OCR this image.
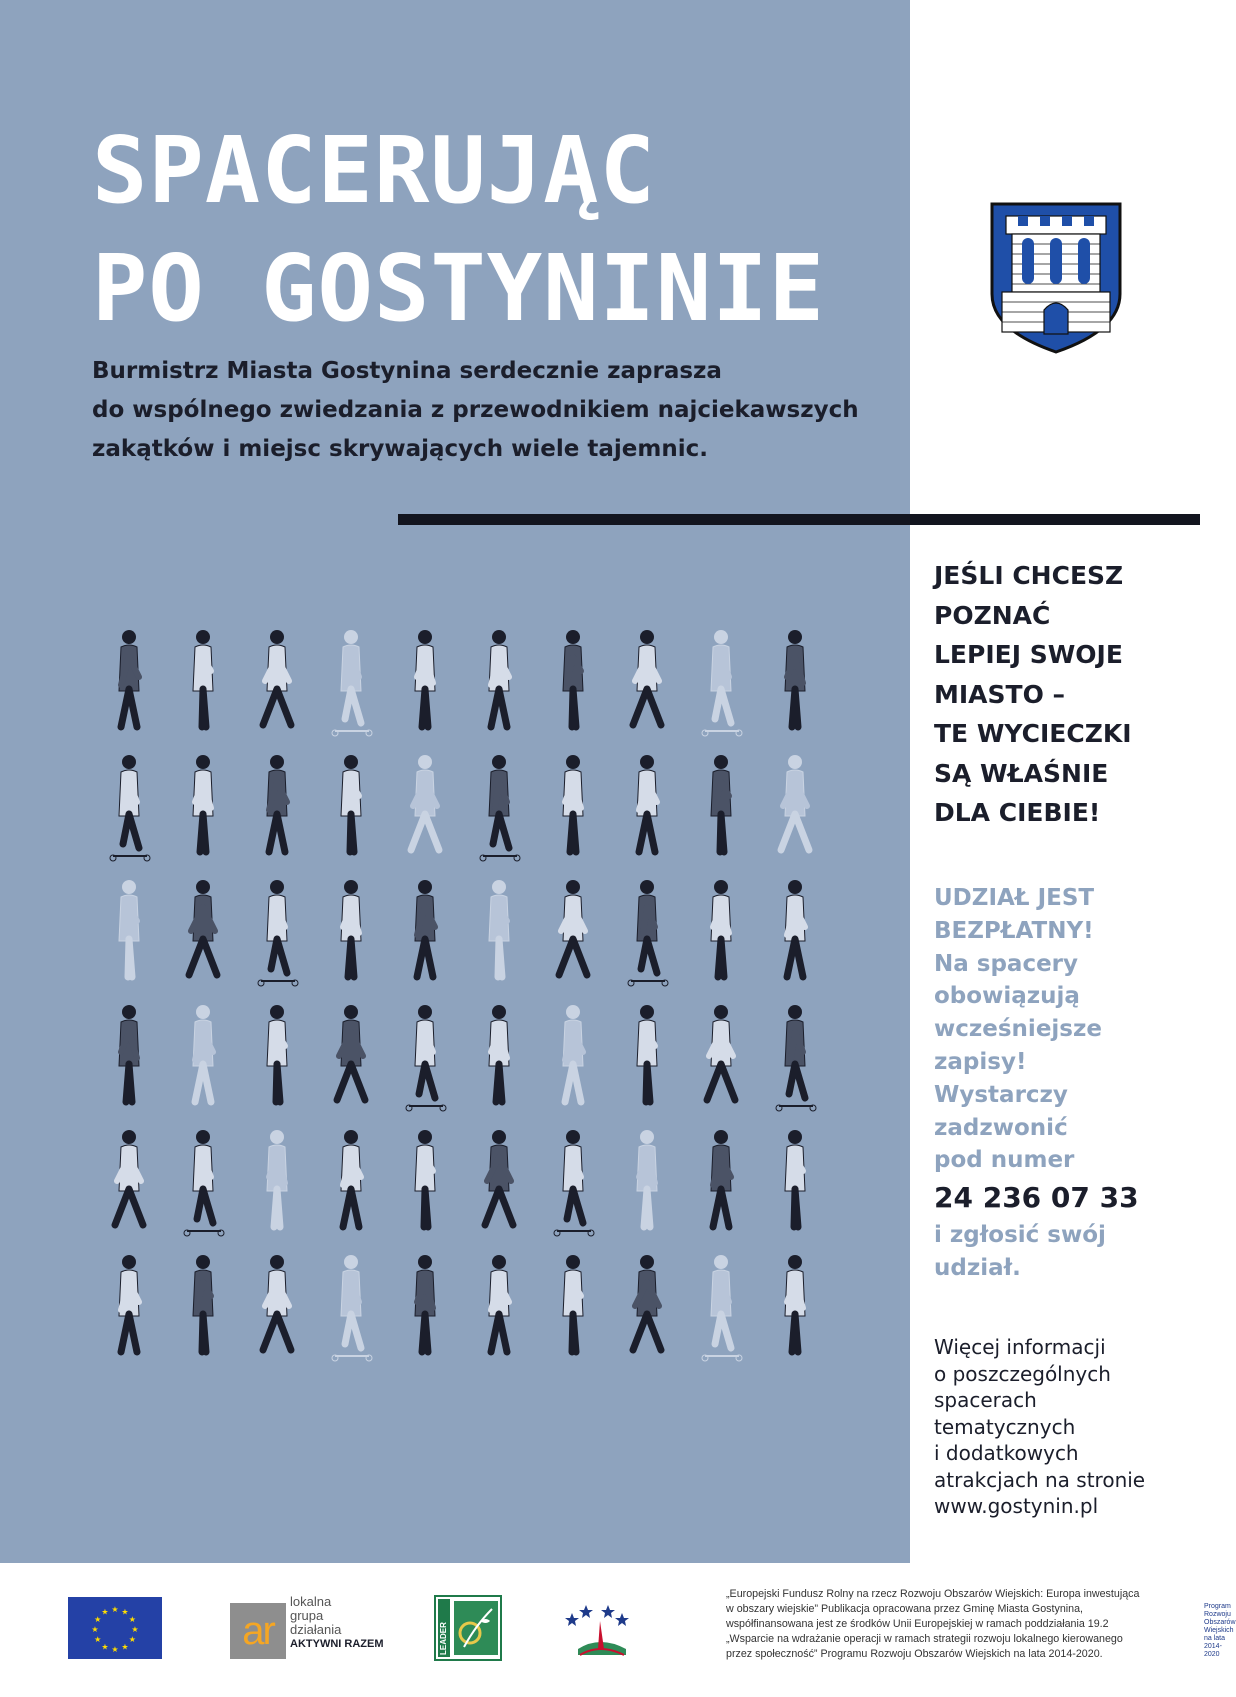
SPACERUJĄC
PO GOSTYNINIE

Burmistrz Miasta Gostynina serdecznie zaprasza
do wspólnego zwiedzania z przewodnikiem najciekawszych
zakątków i miejsc skrywających wiele tajemnic.

JEŚLI CHCESZ
POZNAĆ
LEPIEJ SWOJE
MIASTO –
TE WYCIECZKI
SĄ WŁAŚNIE
DLA CIEBIE!
UDZIAŁ JEST
BEZPŁATNY!
Na spacery
obowiązują
wcześniejsze
zapisy!
Wystarczy
zadzwonić
pod numer
24 236 07 33
i zgłosić swój
udział.
Więcej informacji
o poszczególnych
spacerach tematycznych
i dodatkowych
atrakcjach na stronie
www.gostynin.pl
★ ★
★
★
★
★
★
★
★
★
★
★	ar
lokalna
grupa
działania
AKTYWNI RAZEM	LEADER
Program
Rozwoju
Obszarów
Wiejskich
na lata 2014-2020

„Europejski Fundusz Rolny na rzecz Rozwoju Obszarów Wiejskich: Europa inwestująca
w obszary wiejskie” Publikacja opracowana przez Gminę Miasta Gostynina,
współfinansowana jest ze środków Unii Europejskiej w ramach poddziałania 19.2
„Wsparcie na wdrażanie operacji w ramach strategii rozwoju lokalnego kierowanego
przez społeczność” Programu Rozwoju Obszarów Wiejskich na lata 2014-2020.
